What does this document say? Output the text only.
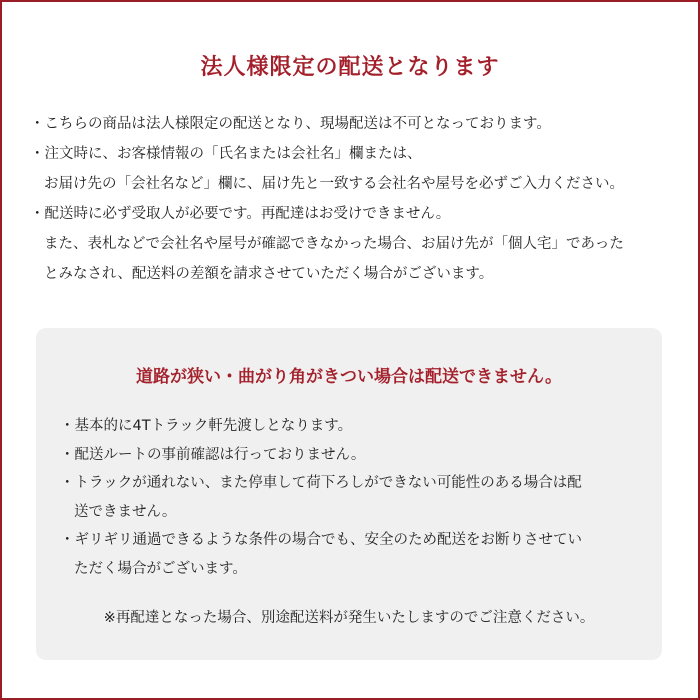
法人様限定の配送となります
・こちらの商品は法人様限定の配送となり、現場配送は不可となっております。
・注文時に、お客様情報の「氏名または会社名」欄または、
お届け先の「会社名など」欄に、届け先と一致する会社名や屋号を必ずご入力ください。
・配送時に必ず受取人が必要です。再配達はお受けできません。
また、表札などで会社名や屋号が確認できなかった場合、お届け先が「個人宅」であった
とみなされ、配送料の差額を請求させていただく場合がございます。
道路が狭い・曲がり角がきつい場合は配送できません。
・基本的に4Tトラック軒先渡しとなります。
・配送ルートの事前確認は行っておりません。
・トラックが通れない、また停車して荷下ろしができない可能性のある場合は配
送できません。
・ギリギリ通過できるような条件の場合でも、安全のため配送をお断りさせてい
ただく場合がございます。
※再配達となった場合、別途配送料が発生いたしますのでご注意ください。
